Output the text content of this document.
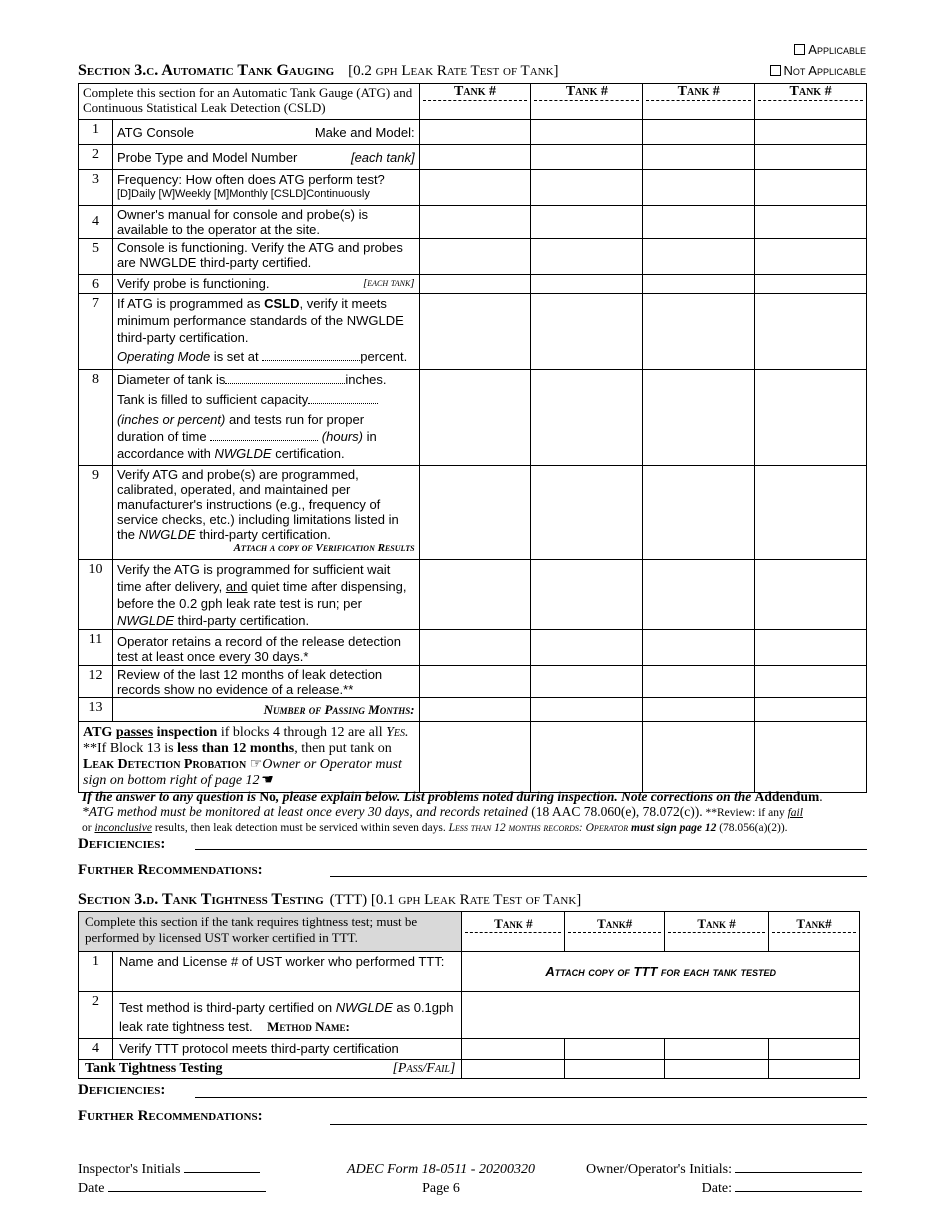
Applicable
Not Applicable
Section 3.c. Automatic Tank Gauging [0.2 gph Leak Rate Test of Tank]
Complete this section for an Automatic Tank Gauge (ATG) and Continuous Statistical Leak Detection (CSLD)		Tank #	Tank #	Tank #	Tank #

1	ATG Console Make and Model:				

2	Probe Type and Model Number [each tank]				

3	Frequency: How often does ATG perform test?
[D]Daily [W]Weekly [M]Monthly [CSLD]Continuously				

4	Owner's manual for console and probe(s) is available to the operator at the site.				
5	Console is functioning. Verify the ATG and probes are NWGLDE third-party certified.				
6	Verify probe is functioning. [each tank]				

7	If ATG is programmed as CSLD, verify it meets minimum performance standards of the NWGLDE third-party certification.
Operating Mode is set at percent.				

8	Diameter of tank is inches.
Tank is filled to sufficient capacity
(inches or percent) and tests run for proper duration of time (hours) in accordance with NWGLDE certification.				

9	Verify ATG and probe(s) are programmed, calibrated, operated, and maintained per manufacturer's instructions (e.g., frequency of service checks, etc.) including limitations listed in the NWGLDE third-party certification.
Attach a copy of Verification Results				

10	Verify the ATG is programmed for sufficient wait time after delivery, and quiet time after dispensing, before the 0.2 gph leak rate test is run; per NWGLDE third-party certification.				
11	Operator retains a record of the release detection test at least once every 30 days.*				
12	Review of the last 12 months of leak detection records show no evidence of a release.**				
13	Number of Passing Months:				
ATG passes inspection if blocks 4 through 12 are all Yes. **If Block 13 is less than 12 months, then put tank on Leak Detection Probation ☞Owner or Operator must sign on bottom right of page 12☚					
If the answer to any question is No, please explain below. List problems noted during inspection. Note corrections on the Addendum.
*ATG method must be monitored at least once every 30 days, and records retained (18 AAC 78.060(e), 78.072(c)). **Review: if any fail
or inconclusive results, then leak detection must be serviced within seven days. Less than 12 months records: Operator must sign page 12 (78.056(a)(2)).
Deficiencies:
Further Recommendations:
Section 3.d. Tank Tightness Testing (TTT) [0.1 gph Leak Rate Test of Tank]
Complete this section if the tank requires tightness test; must be performed by licensed UST worker certified in TTT.		Tank #	Tank#	Tank #	Tank#

1	Name and License # of UST worker who performed TTT:	Attach copy of TTT for each tank tested			
2	Test method is third-party certified on NWGLDE as 0.1gph leak rate tightness test. Method Name:				
4	Verify TTT protocol meets third-party certification				
Tank Tightness Testing [Pass/Fail]					

Deficiencies:
Further Recommendations:
Inspector's Initials
Date
ADEC Form 18-0511 - 20200320
Page 6
Owner/Operator's Initials:
Date:
